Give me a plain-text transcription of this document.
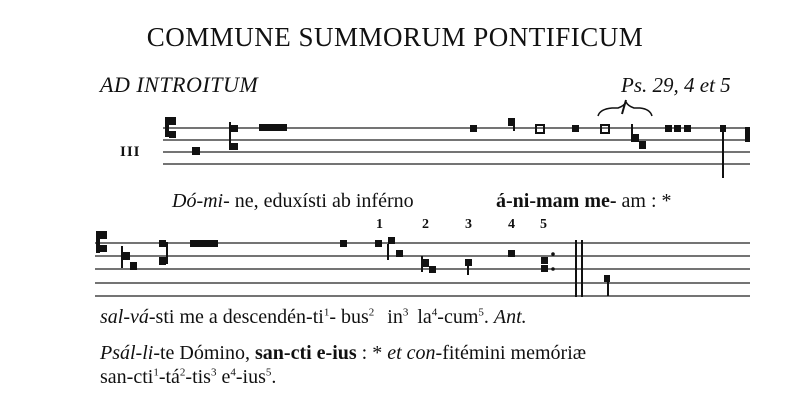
COMMUNE SUMMORUM PONTIFICUM
AD INTROITUM	Ps. 29, 4 et 5
III
Dó-mi- ne, eduxísti ab inférno	á-ni-mam me- am : *
1	2	3	4 5
sal-vá-sti me a descendén-$ti^1-$ bus$^2$ $in^3$ $la^4-cum^5$. Ant.
Psál-li-te Dómino, san-cti e-ius : * et con-fitémini memóriæ
san-$cti^1-tá^2-tis^3$ $e^4-ius^5$.
